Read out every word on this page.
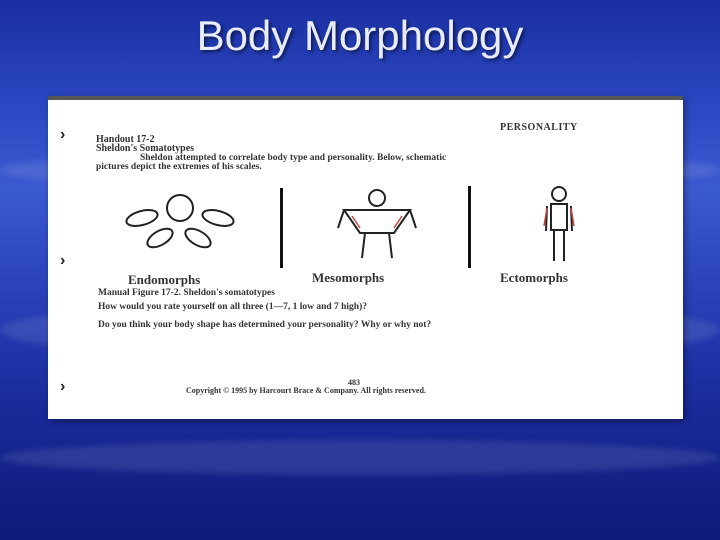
Body Morphology
›
›
›
Handout 17-2
Sheldon's Somatotypes
PERSONALITY
Sheldon attempted to correlate body type and personality. Below, schematic
pictures depict the extremes of his scales.
Endomorphs	Mesomorphs	Ectomorphs
Manual Figure 17-2. Sheldon's somatotypes
How would you rate yourself on all three (1—7, 1 low and 7 high)?
Do you think your body shape has determined your personality? Why or why not?
483
Copyright © 1995 by Harcourt Brace & Company. All rights reserved.
